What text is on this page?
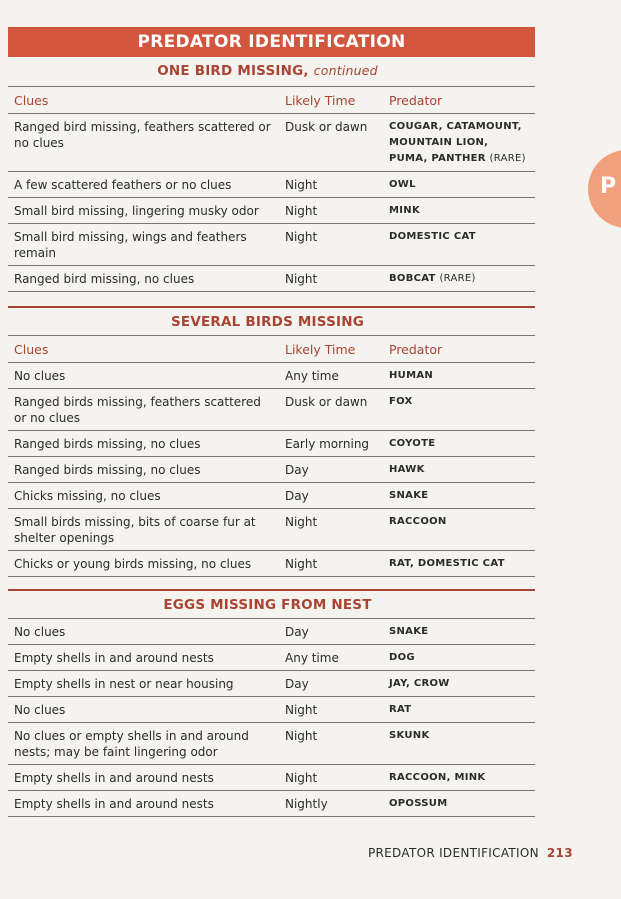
PREDATOR IDENTIFICATION
P
ONE BIRD MISSING, continued
Clues	Likely Time	Predator
Ranged bird missing, feathers scattered or no clues	Dusk or dawn	COUGAR, CATAMOUNT, MOUNTAIN LION, PUMA, PANTHER (RARE)
A few scattered feathers or no clues	Night	OWL
Small bird missing, lingering musky odor	Night	MINK
Small bird missing, wings and feathers remain	Night	DOMESTIC CAT
Ranged bird missing, no clues	Night	BOBCAT (RARE)
SEVERAL BIRDS MISSING
Clues	Likely Time	Predator
No clues	Any time	HUMAN
Ranged birds missing, feathers scattered or no clues	Dusk or dawn	FOX
Ranged birds missing, no clues	Early morning	COYOTE
Ranged birds missing, no clues	Day	HAWK
Chicks missing, no clues	Day	SNAKE
Small birds missing, bits of coarse fur at shelter openings	Night	RACCOON
Chicks or young birds missing, no clues	Night	RAT, DOMESTIC CAT
EGGS MISSING FROM NEST
No clues	Day	SNAKE
Empty shells in and around nests	Any time	DOG
Empty shells in nest or near housing	Day	JAY, CROW
No clues	Night	RAT
No clues or empty shells in and around nests; may be faint lingering odor	Night	SKUNK
Empty shells in and around nests	Night	RACCOON, MINK
Empty shells in and around nests	Nightly	OPOSSUM
PREDATOR IDENTIFICATION 213
